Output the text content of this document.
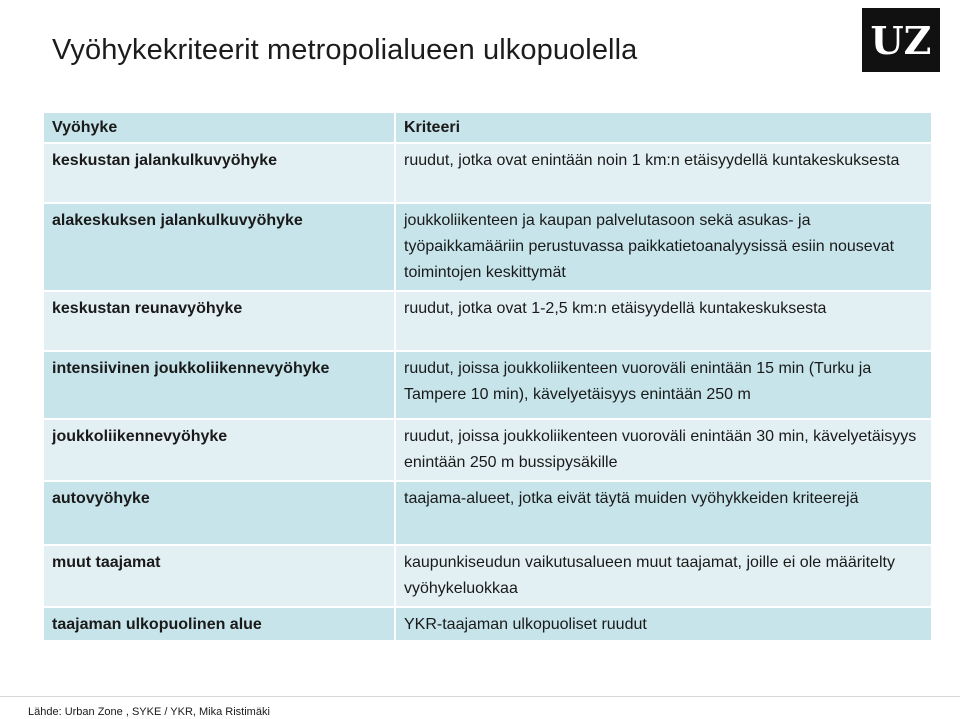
Vyöhykekriteerit metropolialueen ulkopuolella	UZ
Vyöhyke	Kriteeri
keskustan jalankulkuvyöhyke	ruudut, jotka ovat enintään noin 1 km:n etäisyydellä kuntakeskuksesta
alakeskuksen jalankulkuvyöhyke	joukkoliikenteen ja kaupan palvelutasoon sekä asukas- ja työpaikkamääriin perustuvassa paikkatietoanalyysissä esiin nousevat toimintojen keskittymät
keskustan reunavyöhyke	ruudut, jotka ovat 1-2,5 km:n etäisyydellä kuntakeskuksesta
intensiivinen joukkoliikennevyöhyke	ruudut, joissa joukkoliikenteen vuoroväli enintään 15 min (Turku ja Tampere 10 min), kävelyetäisyys enintään 250 m
joukkoliikennevyöhyke	ruudut, joissa joukkoliikenteen vuoroväli enintään 30 min, kävelyetäisyys enintään 250 m bussipysäkille
autovyöhyke	taajama-alueet, jotka eivät täytä muiden vyöhykkeiden kriteerejä
muut taajamat	kaupunkiseudun vaikutusalueen muut taajamat, joille ei ole määritelty vyöhykeluokkaa
taajaman ulkopuolinen alue	YKR-taajaman ulkopuoliset ruudut
Lähde: Urban Zone , SYKE / YKR, Mika Ristimäki
